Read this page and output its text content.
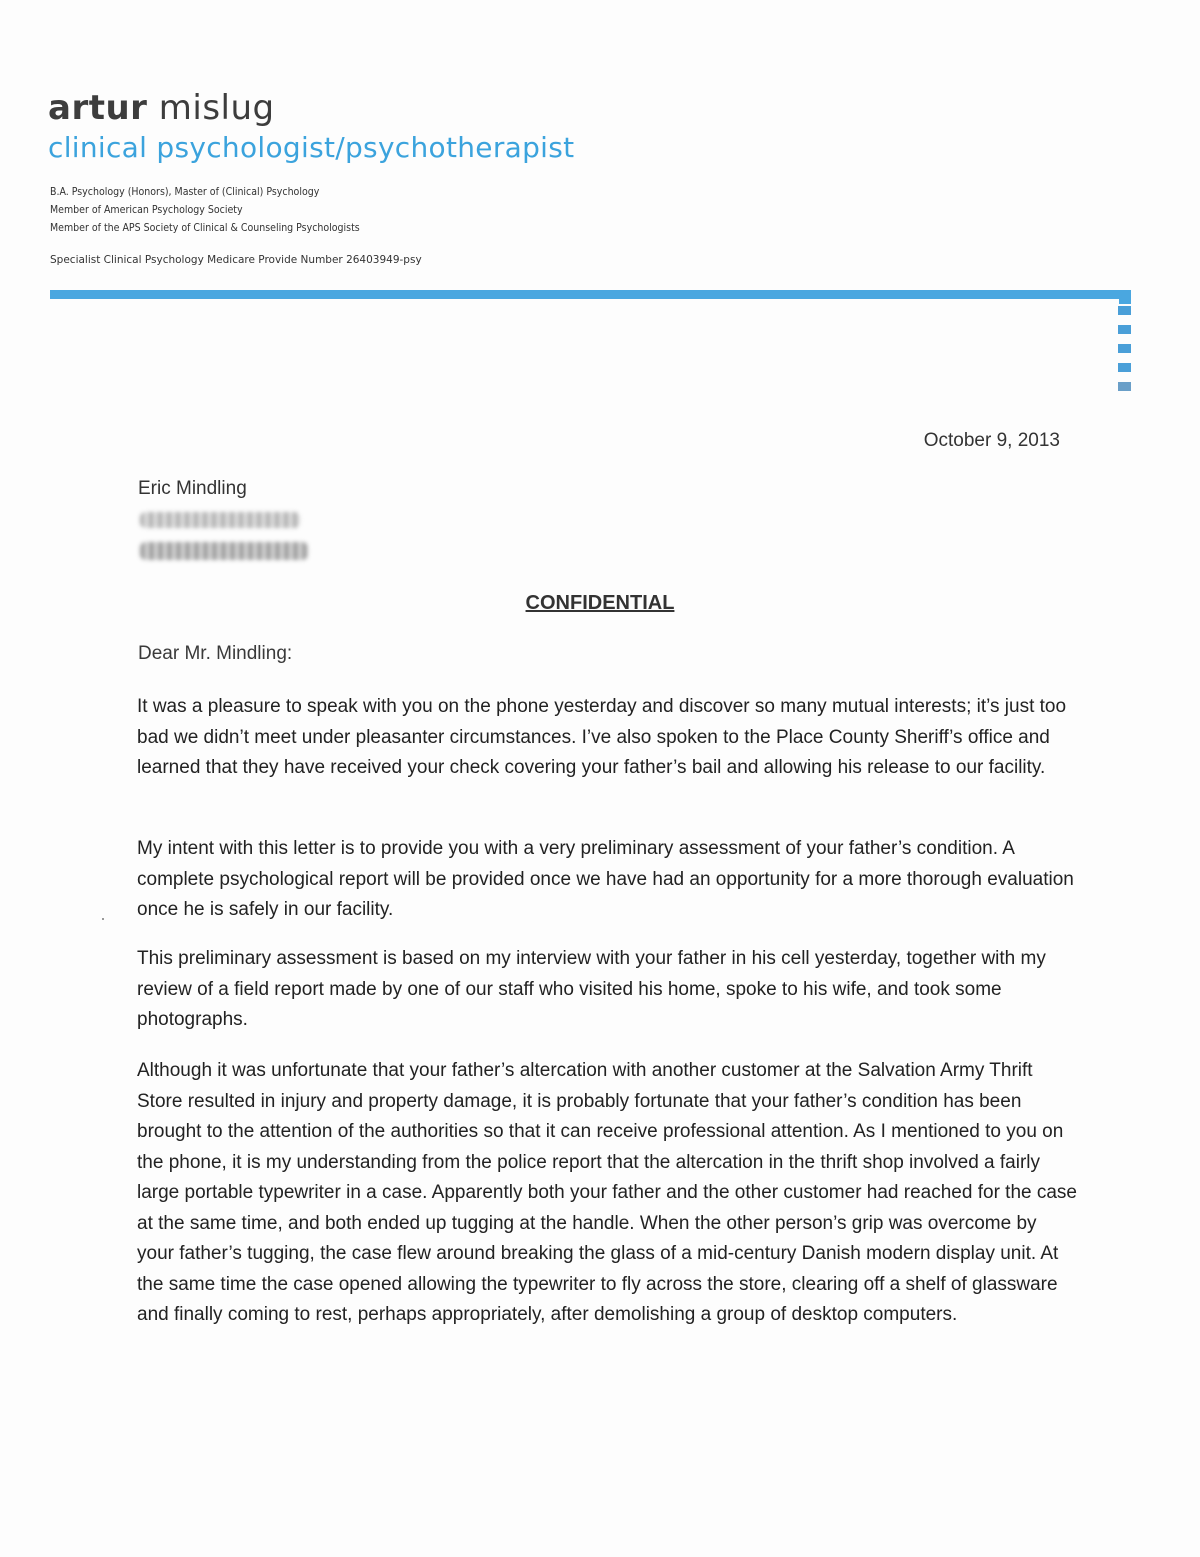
artur mislug
clinical psychologist/psychotherapist
B.A. Psychology (Honors), Master of (Clinical) Psychology
Member of American Psychology Society
Member of the APS Society of Clinical & Counseling Psychologists
Specialist Clinical Psychology Medicare Provide Number 26403949-psy
October 9, 2013
Eric Mindling
CONFIDENTIAL
Dear Mr. Mindling:

It was a pleasure to speak with you on the phone yesterday and discover so many mutual interests; it’s just too bad we didn’t meet under pleasanter circumstances. I’ve also spoken to the Place County Sheriff’s office and learned that they have received your check covering your father’s bail and allowing his release to our facility.

My intent with this letter is to provide you with a very preliminary assessment of your father’s condition. A complete psychological report will be provided once we have had an opportunity for a more thorough evaluation once he is safely in our facility.

This preliminary assessment is based on my interview with your father in his cell yesterday, together with my review of a field report made by one of our staff who visited his home, spoke to his wife, and took some photographs.

Although it was unfortunate that your father’s altercation with another customer at the Salvation Army Thrift Store resulted in injury and property damage, it is probably fortunate that your father’s condition has been brought to the attention of the authorities so that it can receive professional attention. As I mentioned to you on the phone, it is my understanding from the police report that the altercation in the thrift shop involved a fairly large portable typewriter in a case. Apparently both your father and the other customer had reached for the case at the same time, and both ended up tugging at the handle. When the other person’s grip was overcome by your father’s tugging, the case flew around breaking the glass of a mid-century Danish modern display unit. At the same time the case opened allowing the typewriter to fly across the store, clearing off a shelf of glassware and finally coming to rest, perhaps appropriately, after demolishing a group of desktop computers.
